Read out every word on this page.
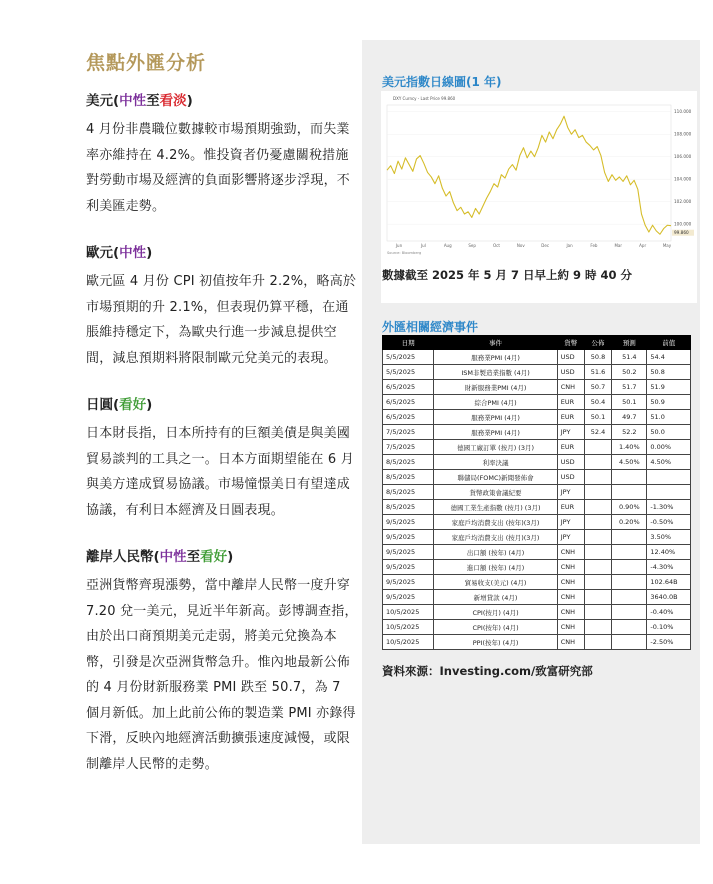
焦點外匯分析
美元(中性至看淡)

4 月份非農職位數據較市場預期強勁，而失業率亦維持在 4.2%。惟投資者仍憂慮關稅措施對勞動市場及經濟的負面影響將逐步浮現，不利美匯走勢。

歐元(中性)

歐元區 4 月份 CPI 初值按年升 2.2%，略高於市場預期的升 2.1%，但表現仍算平穩，在通脹維持穩定下，為歐央行進一步減息提供空間，減息預期料將限制歐元兌美元的表現。

日圓(看好)

日本財長指，日本所持有的巨額美債是與美國貿易談判的工具之一。日本方面期望能在 6 月與美方達成貿易協議。市場憧憬美日有望達成協議，有利日本經濟及日圓表現。

離岸人民幣(中性至看好)

亞洲貨幣齊現漲勢，當中離岸人民幣一度升穿 7.20 兌一美元，見近半年新高。彭博調查指，由於出口商預期美元走弱，將美元兌換為本幣，引發是次亞洲貨幣急升。惟內地最新公佈的 4 月份財新服務業 PMI 跌至 50.7，為 7 個月新低。加上此前公佈的製造業 PMI 亦錄得下滑，反映內地經濟活動擴張速度減慢，或限制離岸人民幣的走勢。

美元指數日線圖(1 年)
DXY Curncy - Last Price 99.860
110.000
108.000
106.000
104.000
102.000
100.000
99.860
Jun	Jul	Aug	Sep	Oct	Nov	Dec	Jan	Feb	Mar	Apr	May
Source: Bloomberg
數據截至 2025 年 5 月 7 日早上約 9 時 40 分
外匯相關經濟事件
日期	事件	貨幣	公佈	預測	前值
5/5/2025	服務業PMI (4月)	USD	50.8	51.4	54.4
5/5/2025	ISM非製造業指數 (4月)	USD	51.6	50.2	50.8
6/5/2025	財新服務業PMI (4月)	CNH	50.7	51.7	51.9
6/5/2025	綜合PMI (4月)	EUR	50.4	50.1	50.9
6/5/2025	服務業PMI (4月)	EUR	50.1	49.7	51.0
7/5/2025	服務業PMI (4月)	JPY	52.4	52.2	50.0
7/5/2025	德國工廠訂單 (按月) (3月)	EUR		1.40%	0.00%
8/5/2025	利率決議	USD		4.50%	4.50%
8/5/2025	聯儲局(FOMC)新聞發佈會	USD			
8/5/2025	貨幣政策會議紀要	JPY			
8/5/2025	德國工業生產指數 (按月) (3月)	EUR		0.90%	-1.30%
9/5/2025	家庭戶均消費支出 (按年)(3月)	JPY		0.20%	-0.50%
9/5/2025	家庭戶均消費支出 (按月)(3月)	JPY			3.50%
9/5/2025	出口額 (按年) (4月)	CNH			12.40%
9/5/2025	進口額 (按年) (4月)	CNH			-4.30%
9/5/2025	貿易收支(美元) (4月)	CNH			102.64B
9/5/2025	新增貸款 (4月)	CNH			3640.0B
10/5/2025	CPI(按月) (4月)	CNH			-0.40%
10/5/2025	CPI(按年) (4月)	CNH			-0.10%
10/5/2025	PPI(按年) (4月)	CNH			-2.50%
資料來源：Investing.com/致富研究部
